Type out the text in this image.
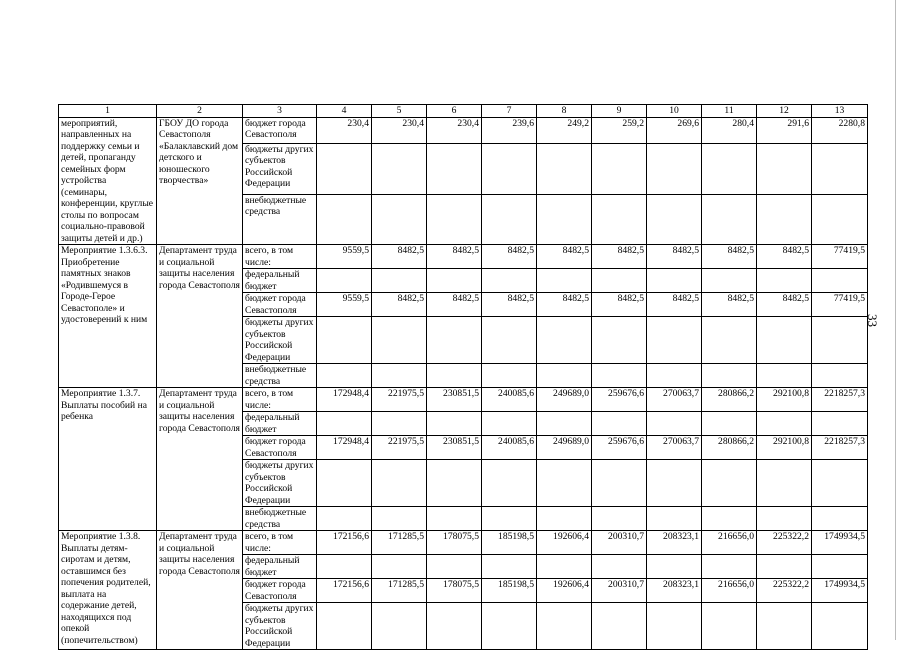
33
1	2	3	4	5	6	7	8	9	10	11	12	13
мероприятий, направленных на поддержку семьи и детей, пропаганду семейных форм устройства (семинары, конференции, круглые столы по вопросам социально-правовой защиты детей и др.)	ГБОУ ДО города Севастополя «Балаклавский дом детского и юношеского творчества»	бюджет города Севастополя	230,4	230,4	230,4	239,6	249,2	259,2	269,6	280,4	291,6	2280,8
		бюджеты других субъектов Российской Федерации										
		внебюджетные средства										
Мероприятие 1.3.6.3. Приобретение памятных знаков «Родившемуся в Городе-Герое Севастополе» и удостоверений к ним	Департамент труда и социальной защиты населения города Севастополя	всего, в том числе:	9559,5	8482,5	8482,5	8482,5	8482,5	8482,5	8482,5	8482,5	8482,5	77419,5
		федеральный бюджет										
		бюджет города Севастополя	9559,5	8482,5	8482,5	8482,5	8482,5	8482,5	8482,5	8482,5	8482,5	77419,5
		бюджеты других субъектов Российской Федерации										
		внебюджетные средства										
Мероприятие 1.3.7. Выплаты пособий на ребенка	Департамент труда и социальной защиты населения города Севастополя	всего, в том числе:	172948,4	221975,5	230851,5	240085,6	249689,0	259676,6	270063,7	280866,2	292100,8	2218257,3
		федеральный бюджет										
		бюджет города Севастополя	172948,4	221975,5	230851,5	240085,6	249689,0	259676,6	270063,7	280866,2	292100,8	2218257,3
		бюджеты других субъектов Российской Федерации										
		внебюджетные средства										
Мероприятие 1.3.8. Выплаты детям-сиротам и детям, оставшимся без попечения родителей, выплата на содержание детей, находящихся под опекой (попечительством)	Департамент труда и социальной защиты населения города Севастополя	всего, в том числе:	172156,6	171285,5	178075,5	185198,5	192606,4	200310,7	208323,1	216656,0	225322,2	1749934,5
		федеральный бюджет										
		бюджет города Севастополя	172156,6	171285,5	178075,5	185198,5	192606,4	200310,7	208323,1	216656,0	225322,2	1749934,5
		бюджеты других субъектов Российской Федерации										
